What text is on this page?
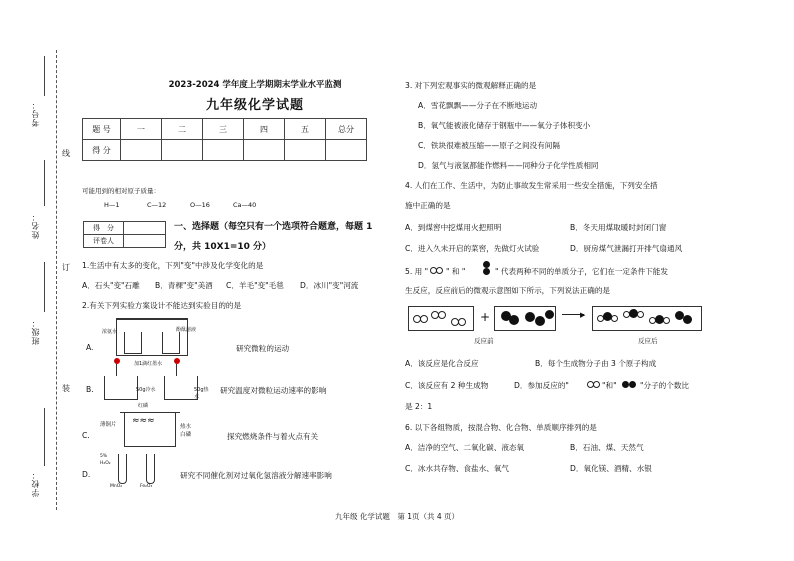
考号：
姓名：
班级：
学校：
线
订
装
2023-2024 学年度上学期期末学业水平监测
九年级化学试题
题 号	一	二	三	四	五	总分
得 分						
可能用到的相对原子质量：
H—1	C—12	O—16	Ca—40
得　分	
评卷人	
一、选择题（每空只有一个选项符合题意，每题 1
分，共 10X1=10 分）
1.生活中有太多的变化，下列"变"中涉及化学变化的是
A．石头"变"石雕 B．青稞"变"美酒 C．羊毛"变"毛毯 D．冰川"变"河流
2.有关下列实验方案设计不能达到实验目的的是
A.
浓氨水	酚酞溶液
研究微粒的运动
B.
加1滴红墨水
50g冷水	50g热水
研究温度对微粒运动速率的影响
C.
红磷
≈≈≈
薄铜片	热水
白磷	探究燃烧条件与着火点有关
D.
5%
H₂O₂
MnO₂	Fe₂O₃
研究不同催化剂对过氧化氢溶液分解速率影响
3. 对下列宏观事实的微观解释正确的是
A．雪花飘飘——分子在不断地运动
B．氧气能被液化储存于钢瓶中——氧分子体积变小
C．铁块很难被压缩——原子之间没有间隔
D．氢气与液氢都能作燃料——同种分子化学性质相同
4. 人们在工作、生活中，为防止事故发生常采用一些安全措施，下列安全措
施中正确的是
A．到煤窖中挖煤用火把照明	B．冬天用煤取暖时封闭门窗
C．进入久未开启的菜窖，先做灯火试验	D．厨房煤气泄漏打开排气扇通风
5. 用 " " 和 "	" 代表两种不同的单质分子，它们在一定条件下能发
生反应，反应前后的微观示意图如下所示，下列说法正确的是
+	▶
反应前	反应后
A．该反应是化合反应	B．每个生成物分子由 3 个原子构成
C．该反应有 2 种生成物	D．参加反应的"	"和"	"分子的个数比
是 2：1
6. 以下各组物质，按混合物、化合物、单质顺序排列的是
A．洁净的空气、二氧化碳、液态氧	B．石油、煤、天然气
C．冰水共存物、食盐水、氧气	D．氧化镁、酒精、水银
九年级 化学试题　第 1页（共 4 页）
